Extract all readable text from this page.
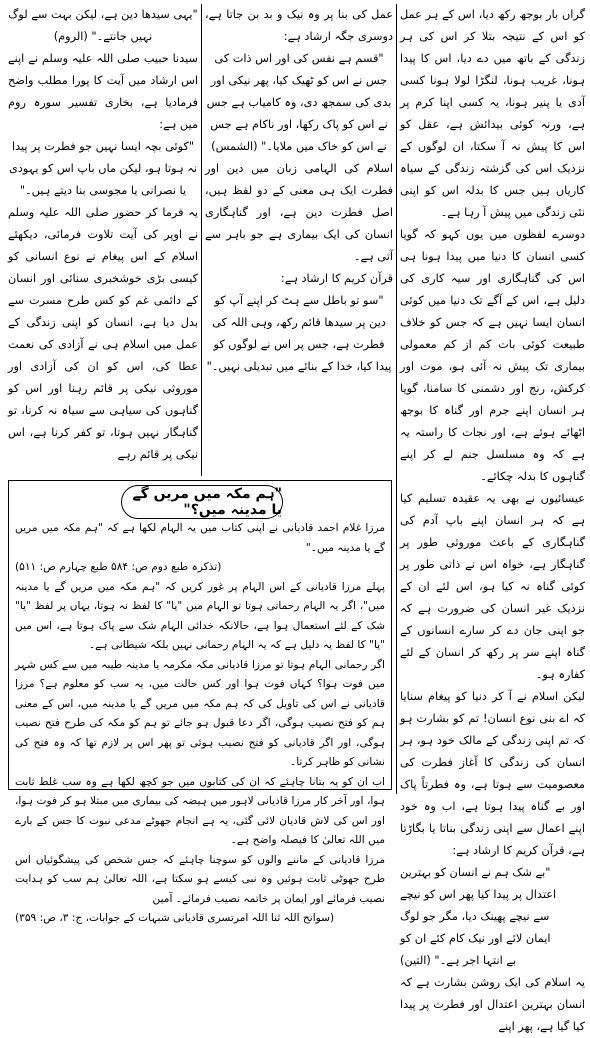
گراں بار بوجھ رکھ دیا، اس کے ہر عمل کو اس کے نتیجہ بتلا کر اس کی ہر زندگی کے باتھ میں دے دیا، اس کا پیدا ہونا، غریب ہونا، لنگڑا لولا ہونا کسی آدی یا پنیر ہونا، یہ کسی اپنا کرم پر ہے، ورنہ کوئی بیدائش ہے، عقل کو اس کا پیش نہ آ سکتا، ان لوگوں کے نزدیک اس کی گزشتہ زندگی کے سیاہ کاریاں ہیں جس کا بدلہ اس کو اپنی نئی زندگی میں پیش آ رہا ہے۔

دوسرے لفظوں میں یوں کہو کہ گویا کسی انسان کا دنیا میں پیدا ہونا ہی اس کی گناہگاری اور سیہ کاری کی دلیل ہے، اس کے آگے تک دنیا میں کوئی انسان ایسا نہیں ہے کہ جس کو خلاف طبیعت کوئی بات کم از کم معمولی بیماری تک پیش نہ آئی ہو، موت اور کرکش، رنج اور دشمنی کا سامنا، گویا ہر انسان اپنے جرم اور گناہ کا بوجھ اٹھائے ہوئے ہے، اور نجات کا راستہ یہ ہے کہ وہ مسلسل جنم لے کر اپنے گناہوں کا بدلہ چکائے۔

عیسائیوں نے بھی یہ عقیدہ تسلیم کیا ہے کہ ہر انسان اپنے باپ آدم کی گناہگاری کے باعث موروثی طور پر گناہگار ہے، خواہ اس نے ذاتی طور پر کوئی گناہ نہ کیا ہو، اس لئے ان کے نزدیک غیر انسان کی ضرورت ہے کہ جو اپنی جان دے کر سارے انسانوں کے گناہ اپنے سر پر رکھ کر انسان کے لئے کفارہ ہو۔

لیکن اسلام نے آ کر دنیا کو پیغام سنایا کہ اے بنی نوع انسان! تم کو بشارت ہو کہ تم اپنی زندگی کے مالک خود ہو، ہر انسان کی زندگی کا آغاز فطرت کی معصومیت سے ہوتا ہے، وہ فطرتاً پاک اور بے گناہ پیدا ہوتا ہے، اب وہ خود اپنے اعمال سے اپنی زندگی بناتا یا بگاڑتا ہے، قرآن کریم کا ارشاد ہے:

"بے شک ہم نے انسان کو بہترین اعتدال پر پیدا کیا پھر اس کو نیچے سے نیچے پھینک دیا، مگر جو لوگ ایمان لائے اور نیک کام کئے ان کو بے انتہا اجر ہے۔" (التین)

یہ اسلام کی ایک روشن بشارت ہے کہ انسان بہترین اعتدال اور فطرت پر پیدا کیا گیا ہے، پھر اپنے

عمل کی بنا پر وہ نیک و بد بن جاتا ہے، دوسری جگہ ارشاد ہے:

"قسم ہے نفس کی اور اس ذات کی جس نے اس کو ٹھیک کیا، پھر نیکی اور بدی کی سمجھ دی، وہ کامیاب ہے جس نے اس کو پاک رکھا، اور ناکام ہے جس نے اس کو خاک میں ملایا۔" (الشمس)

اسلام کی الہامی زبان میں دین اور فطرت ایک ہی معنی کے دو لفظ ہیں، اصل فطرت دین ہے، اور گناہگاری انسان کی ایک بیماری ہے جو باہر سے آتی ہے۔

قرآن کریم کا ارشاد ہے:

"سو تو باطل سے ہٹ کر اپنے آپ کو دین پر سیدھا قائم رکھ، وہی اللہ کی فطرت ہے، جس پر اس نے لوگوں کو پیدا کیا، خدا کے بنائے میں تبدیلی نہیں۔"

"یہی سیدھا دین ہے، لیکن بہت سے لوگ نہیں جانتے۔" (الروم)

سیدنا حبیب صلی اللہ علیہ وسلم نے اپنے اس ارشاد میں آیت کا پورا مطلب واضح فرمادیا ہے، بخاری تفسیر سورہ روم میں ہے:

"کوئی بچہ ایسا نہیں جو فطرت پر پیدا نہ ہوتا ہو، لیکن ماں باپ اس کو یہودی یا نصرانی یا مجوسی بنا دیتے ہیں۔"

یہ فرما کر حضور صلی اللہ علیہ وسلم نے اوپر کی آیت تلاوت فرمائی، دیکھئے اسلام کے اس پیغام نے نوع انسانی کو کیسی بڑی خوشخبری سنائی اور انسان کے دائمی غم کو کس طرح مسرت سے بدل دیا ہے، انسان کو اپنی زندگی کے عمل میں اسلام ہی نے آزادی کی نعمت عطا کی، اس کو ان کی آزادی اور موروثی نیکی پر قائم رہنا اور اس کو گناہوں کی سیاہی سے سیاہ نہ کرنا، تو گناہگار نہیں ہوتا، تو کفر کرنا ہے، اس نیکی پر قائم رہے

"ہم مکہ میں مریں گے یا مدینہ میں؟"

مرزا غلام احمد قادیانی نے اپنی کتاب میں یہ الہام لکھا ہے کہ "ہم مکہ میں مریں گے یا مدینہ میں۔"

(تذکرہ طبع دوم ص: ۵۸۴ طبع چہارم ص: ۵۱۱)

پہلے مرزا قادیانی کے اس الہام پر غور کریں کہ "ہم مکہ میں مریں گے یا مدینہ میں"، اگر یہ الہام رحمانی ہوتا تو الہام میں "یا" کا لفظ نہ ہوتا، یہاں پر لفظ "یا" شک کے لئے استعمال ہوا ہے، حالانکہ خدائی الہام شک سے پاک ہوتا ہے، اس میں "یا" کا لفظ یہ دلیل ہے کہ یہ الہام رحمانی نہیں بلکہ شیطانی ہے۔

اگر رحمانی الہام ہوتا تو مرزا قادیانی مکہ مکرمہ یا مدینہ طیبہ میں سے کس شہر میں فوت ہوا؟ کہاں فوت ہوا اور کس حالت میں، یہ سب کو معلوم ہے؟ مرزا قادیانی نے اس کی تاویل کی کہ ہم مکہ میں مریں گے یا مدینہ میں، اس کے معنی ہم کو فتح نصیب ہوگی، اگر دعا قبول ہو جائے تو ہم کو مکہ کی طرح فتح نصیب ہوگی، اور اگر قادیانی کو فتح نصیب ہوئی تو پھر اس پر لازم تھا کہ وہ فتح کی نشانی کو ظاہر کرتا۔

اب ان کو یہ بتانا چاہئے کہ ان کی کتابوں میں جو کچھ لکھا ہے وہ سب غلط ثابت ہوا، اور آخر کار مرزا قادیانی لاہور میں ہیضہ کی بیماری میں مبتلا ہو کر فوت ہوا، اور اس کی لاش قادیان لائی گئی، یہ ہے انجام جھوٹے مدعی نبوت کا جس کے بارے میں اللہ تعالیٰ کا فیصلہ واضح ہے۔

مرزا قادیانی کے ماننے والوں کو سوچنا چاہئے کہ جس شخص کی پیشگوئیاں اس طرح جھوٹی ثابت ہوئیں وہ نبی کیسے ہو سکتا ہے، اللہ تعالیٰ ہم سب کو ہدایت نصیب فرمائے اور ایمان پر خاتمہ نصیب فرمائے۔ آمین

(سوانح اللہ ثنا اللہ امرتسری قادیانی شبہات کے جوابات، ج: ۳، ص: ۳۵۹)
